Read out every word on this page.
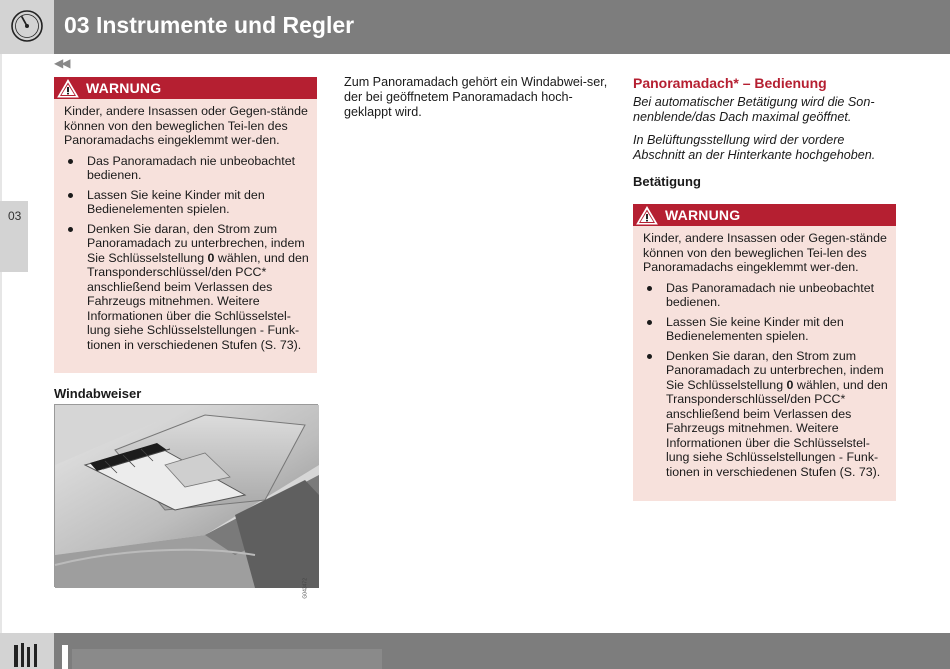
03 Instrumente und Regler
03
◀◀
WARNUNG

Kinder, andere Insassen oder Gegen-stände können von den beweglichen Tei-len des Panoramadachs eingeklemmt wer-den.

Das Panoramadach nie unbeobachtet bedienen.
Lassen Sie keine Kinder mit den Bedienelementen spielen.
Denken Sie daran, den Strom zum Panoramadach zu unterbrechen, indem Sie Schlüsselstellung 0 wählen, und den Transponderschlüssel/den PCC* anschließend beim Verlassen des Fahrzeugs mitnehmen. Weitere Informationen über die Schlüsselstel-lung siehe Schlüsselstellungen - Funk-tionen in verschiedenen Stufen (S. 73).
Windabweiser
G043472
Zum Panoramadach gehört ein Windabwei-ser, der bei geöffnetem Panoramadach hoch-geklappt wird.
Panoramadach* – Bedienung
Bei automatischer Betätigung wird die Son-nenblende/das Dach maximal geöffnet.
In Belüftungsstellung wird der vordere Abschnitt an der Hinterkante hochgehoben.
Betätigung
WARNUNG

Kinder, andere Insassen oder Gegen-stände können von den beweglichen Tei-len des Panoramadachs eingeklemmt wer-den.

Das Panoramadach nie unbeobachtet bedienen.
Lassen Sie keine Kinder mit den Bedienelementen spielen.
Denken Sie daran, den Strom zum Panoramadach zu unterbrechen, indem Sie Schlüsselstellung 0 wählen, und den Transponderschlüssel/den PCC* anschließend beim Verlassen des Fahrzeugs mitnehmen. Weitere Informationen über die Schlüsselstel-lung siehe Schlüsselstellungen - Funk-tionen in verschiedenen Stufen (S. 73).
